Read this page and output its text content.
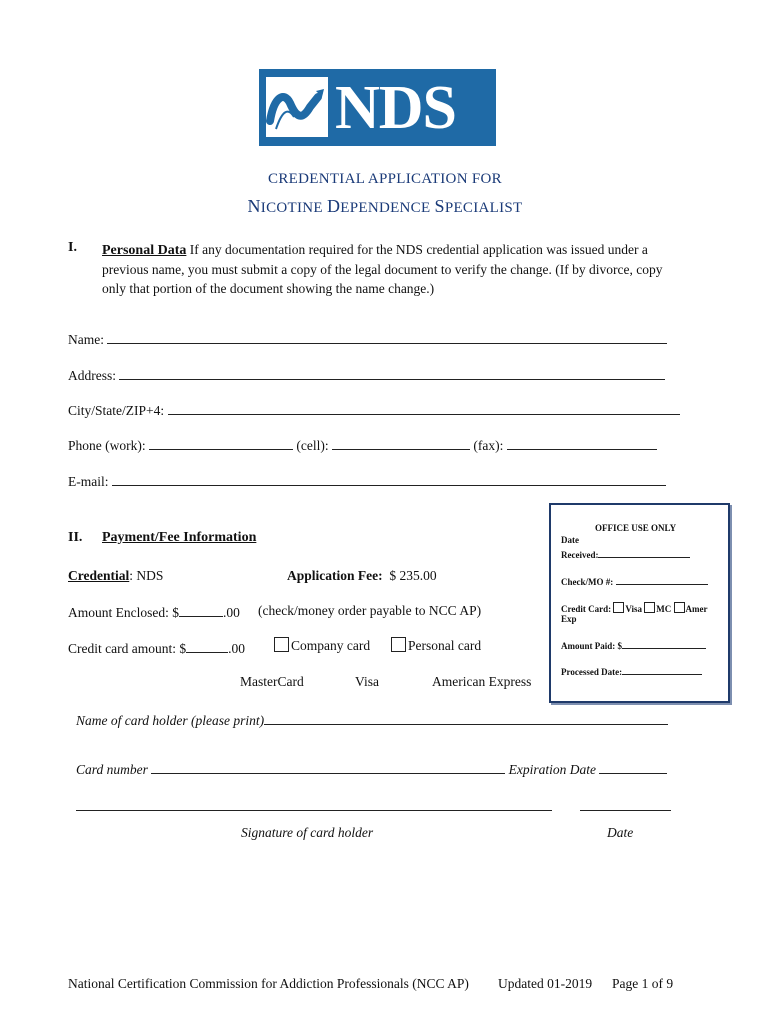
NDS
CREDENTIAL APPLICATION FOR
NICOTINE DEPENDENCE SPECIALIST
I. Personal Data If any documentation required for the NDS credential application was issued under a previous name, you must submit a copy of the legal document to verify the change. (If by divorce, copy only that portion of the document showing the name change.)
Name:
Address:
City/State/ZIP+4:
Phone (work):	(cell):	(fax):
E-mail:
II. Payment/Fee Information
Credential: NDS	Application Fee: $ 235.00
Amount Enclosed: $	.00 (check/money order payable to NCC AP)
Credit card amount: $	.00	Company card	Personal card
MasterCard	Visa	American Express
OFFICE USE ONLY
Date
Received:
Check/MO #:
Credit Card: Visa MC Amer
Exp
Amount Paid: $
Processed Date:
Name of card holder (please print)
Card number	Expiration Date
Signature of card holder	Date
National Certification Commission for Addiction Professionals (NCC AP) Updated 01-2019 Page 1 of 9
